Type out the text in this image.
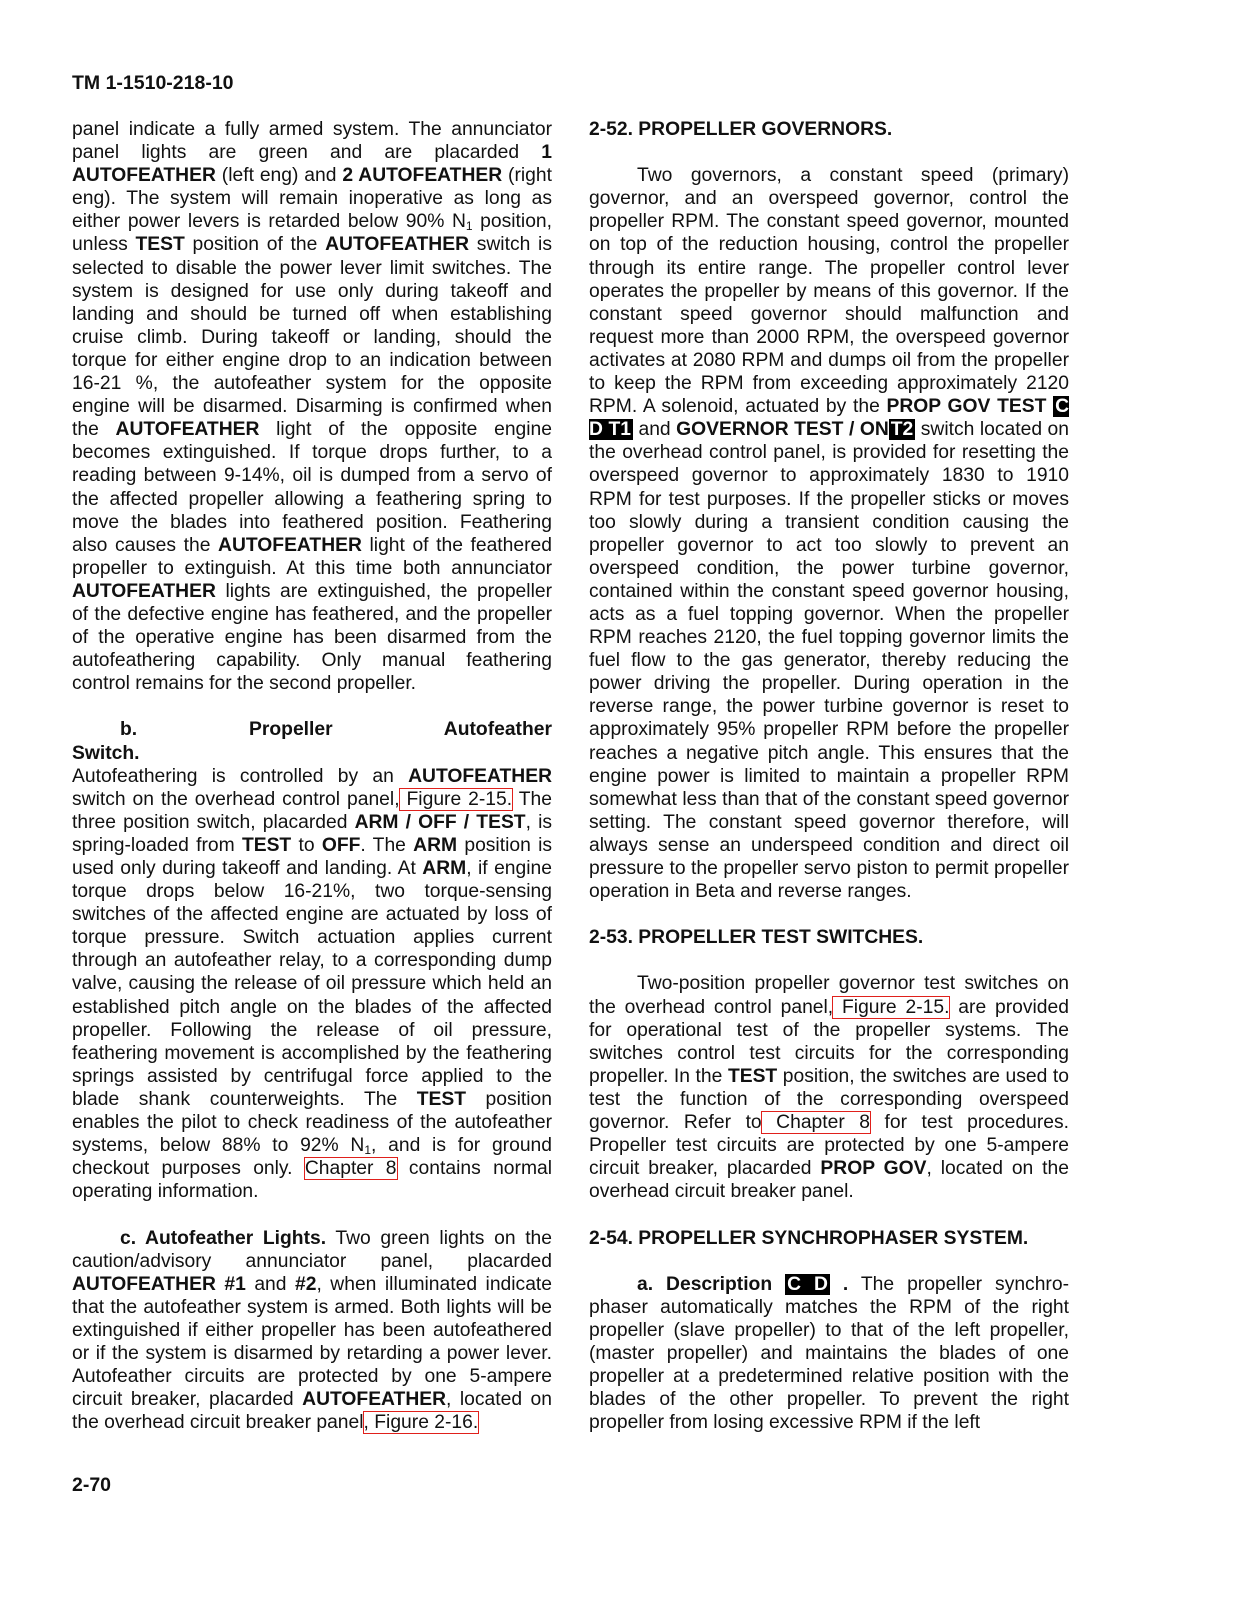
TM 1-1510-218-10

panel indicate a fully armed system. The annunciator panel lights are green and are placarded 1 AUTOFEATHER (left eng) and 2 AUTOFEATHER (right eng). The system will remain inoperative as long as either power levers is retarded below 90% $N_1$ position, unless TEST position of the AUTOFEATHER switch is selected to disable the power lever limit switches. The system is designed for use only during takeoff and landing and should be turned off when establishing cruise climb. During takeoff or landing, should the torque for either engine drop to an indication between 16-21 %, the autofeather system for the opposite engine will be disarmed. Disarming is confirmed when the AUTOFEATHER light of the opposite engine becomes extinguished. If torque drops further, to a reading between 9-14%, oil is dumped from a servo of the affected propeller allowing a feathering spring to move the blades into feathered position. Feathering also causes the AUTOFEATHER light of the feathered propeller to extinguish. At this time both annunciator AUTOFEATHER lights are extinguished, the propeller of the defective engine has feathered, and the propeller of the operative engine has been disarmed from the autofeathering capability. Only manual feathering control remains for the second propeller.

b. Propeller Autofeather Switch.

Autofeathering is controlled by an AUTOFEATHER switch on the overhead control panel, Figure 2-15. The three position switch, placarded ARM / OFF / TEST, is spring-loaded from TEST to OFF. The ARM position is used only during takeoff and landing. At ARM, if engine torque drops below 16-21%, two torque-sensing switches of the affected engine are actuated by loss of torque pressure. Switch actuation applies current through an autofeather relay, to a corresponding dump valve, causing the release of oil pressure which held an established pitch angle on the blades of the affected propeller. Following the release of oil pressure, feathering movement is accomplished by the feathering springs assisted by centrifugal force applied to the blade shank counterweights. The TEST position enables the pilot to check readiness of the autofeather systems, below 88% to 92% $N_1$, and is for ground checkout purposes only. Chapter 8 contains normal operating information.

c. Autofeather Lights. Two green lights on the caution/advisory annunciator panel, placarded AUTOFEATHER #1 and #2, when illuminated indicate that the autofeather system is armed. Both lights will be extinguished if either propeller has been autofeathered or if the system is disarmed by retarding a power lever. Autofeather circuits are protected by one 5-ampere circuit breaker, placarded AUTOFEATHER, located on the overhead circuit breaker panel, Figure 2-16.

2-52. PROPELLER GOVERNORS.

Two governors, a constant speed (primary) governor, and an overspeed governor, control the propeller RPM. The constant speed governor, mounted on top of the reduction housing, control the propeller through its entire range. The propeller control lever operates the propeller by means of this governor. If the constant speed governor should malfunction and request more than 2000 RPM, the overspeed governor activates at 2080 RPM and dumps oil from the propeller to keep the RPM from exceeding approximately 2120 RPM. A solenoid, actuated by the PROP GOV TEST C D T1 and GOVERNOR TEST / ON T2 switch located on the overhead control panel, is provided for resetting the overspeed governor to approximately 1830 to 1910 RPM for test purposes. If the propeller sticks or moves too slowly during a transient condition causing the propeller governor to act too slowly to prevent an overspeed condition, the power turbine governor, contained within the constant speed governor housing, acts as a fuel topping governor. When the propeller RPM reaches 2120, the fuel topping governor limits the fuel flow to the gas generator, thereby reducing the power driving the propeller. During operation in the reverse range, the power turbine governor is reset to approximately 95% propeller RPM before the propeller reaches a negative pitch angle. This ensures that the engine power is limited to maintain a propeller RPM somewhat less than that of the constant speed governor setting. The constant speed governor therefore, will always sense an underspeed condition and direct oil pressure to the propeller servo piston to permit propeller operation in Beta and reverse ranges.

2-53. PROPELLER TEST SWITCHES.

Two-position propeller governor test switches on the overhead control panel, Figure 2-15. are provided for operational test of the propeller systems. The switches control test circuits for the corresponding propeller. In the TEST position, the switches are used to test the function of the corresponding overspeed governor. Refer to Chapter 8 for test procedures. Propeller test circuits are protected by one 5-ampere circuit breaker, placarded PROP GOV, located on the overhead circuit breaker panel.

2-54. PROPELLER SYNCHROPHASER SYSTEM.

a. Description C D . The propeller synchro-phaser automatically matches the RPM of the right propeller (slave propeller) to that of the left propeller, (master propeller) and maintains the blades of one propeller at a predetermined relative position with the blades of the other propeller. To prevent the right propeller from losing excessive RPM if the left

2-70
